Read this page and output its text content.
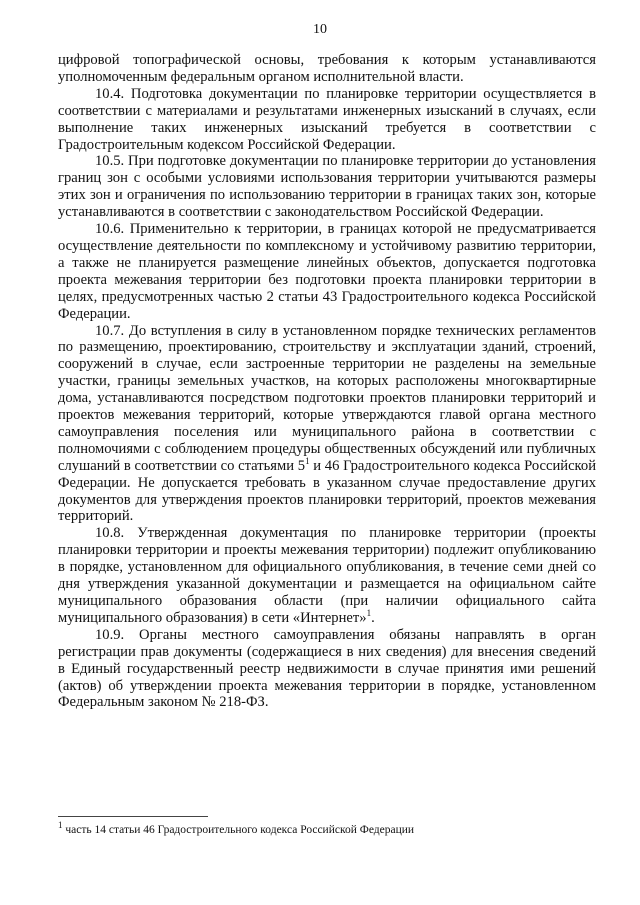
10

цифровой топографической основы, требования к которым устанавливаются уполномоченным федеральным органом исполнительной власти.

10.4. Подготовка документации по планировке территории осуществляется в соответствии с материалами и результатами инженерных изысканий в случаях, если выполнение таких инженерных изысканий требуется в соответствии с Градостроительным кодексом Российской Федерации.

10.5. При подготовке документации по планировке территории до установления границ зон с особыми условиями использования территории учитываются размеры этих зон и ограничения по использованию территории в границах таких зон, которые устанавливаются в соответствии с законодательством Российской Федерации.

10.6. Применительно к территории, в границах которой не предусматривается осуществление деятельности по комплексному и устойчивому развитию территории, а также не планируется размещение линейных объектов, допускается подготовка проекта межевания территории без подготовки проекта планировки территории в целях, предусмотренных частью 2 статьи 43 Градостроительного кодекса Российской Федерации.

10.7. До вступления в силу в установленном порядке технических регламентов по размещению, проектированию, строительству и эксплуатации зданий, строений, сооружений в случае, если застроенные территории не разделены на земельные участки, границы земельных участков, на которых расположены многоквартирные дома, устанавливаются посредством подготовки проектов планировки территорий и проектов межевания территорий, которые утверждаются главой органа местного самоуправления поселения или муниципального района в соответствии с полномочиями с соблюдением процедуры общественных обсуждений или публичных слушаний в соответствии со статьями $5^1$ и 46 Градостроительного кодекса Российской Федерации. Не допускается требовать в указанном случае предоставление других документов для утверждения проектов планировки территорий, проектов межевания территорий.

10.8. Утвержденная документация по планировке территории (проекты планировки территории и проекты межевания территории) подлежит опубликованию в порядке, установленном для официального опубликования, в течение семи дней со дня утверждения указанной документации и размещается на официальном сайте муниципального образования области (при наличии официального сайта муниципального образования) в сети «Интернет»$^1$.

10.9. Органы местного самоуправления обязаны направлять в орган регистрации прав документы (содержащиеся в них сведения) для внесения сведений в Единый государственный реестр недвижимости в случае принятия ими решений (актов) об утверждении проекта межевания территории в порядке, установленном Федеральным законом № 218-ФЗ.

$^1$ часть 14 статьи 46 Градостроительного кодекса Российской Федерации
